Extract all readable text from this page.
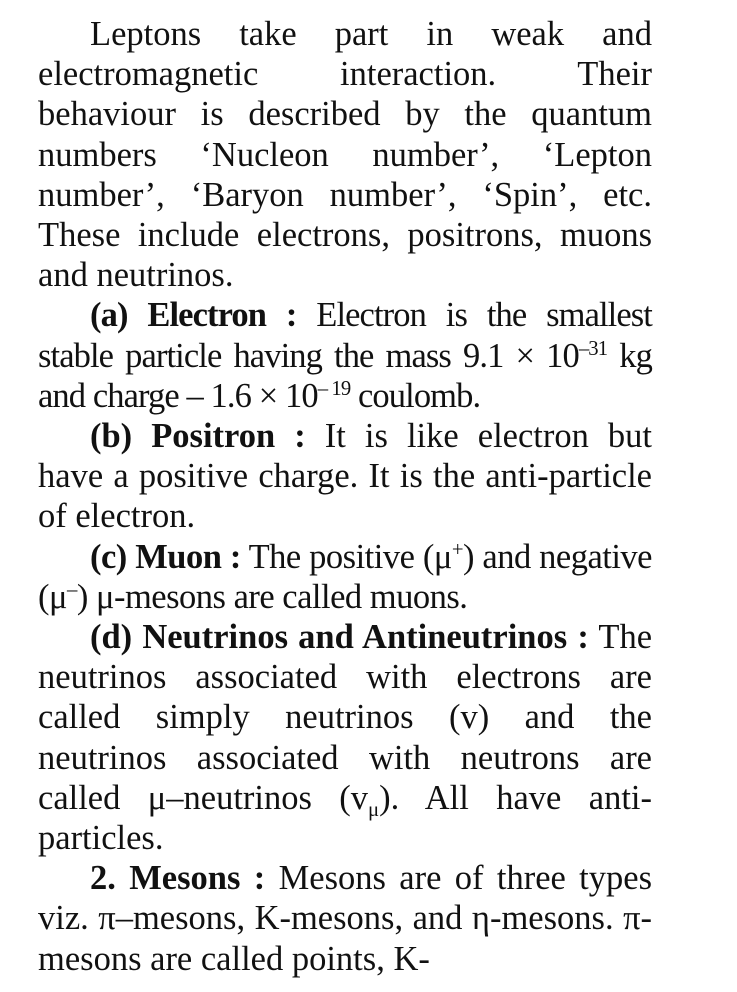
Leptons take part in weak and electromagnetic interaction. Their behaviour is described by the quantum numbers ‘Nucleon number’, ‘Lepton number’, ‘Baryon number’, ‘Spin’, etc. These include electrons, positrons, muons and neutrinos.

(a) Electron : Electron is the smallest stable particle having the mass $9.1 \times 10^{-31}$ kg and charge – $1.6 \times 10^{- 19}$ coulomb.

(b) Positron : It is like electron but have a positive charge. It is the anti-particle of electron.

(c) Muon : The positive (μ+) and negative (μ–) μ-mesons are called muons.

(d) Neutrinos and Antineutrinos : The neutrinos associated with electrons are called simply neutrinos (v) and the neutrinos associated with neutrons are called μ–neutrinos $(v_\mu)$. All have anti-particles.

2. Mesons : Mesons are of three types viz. π–mesons, K-mesons, and η-mesons. π-mesons are called points, K-
